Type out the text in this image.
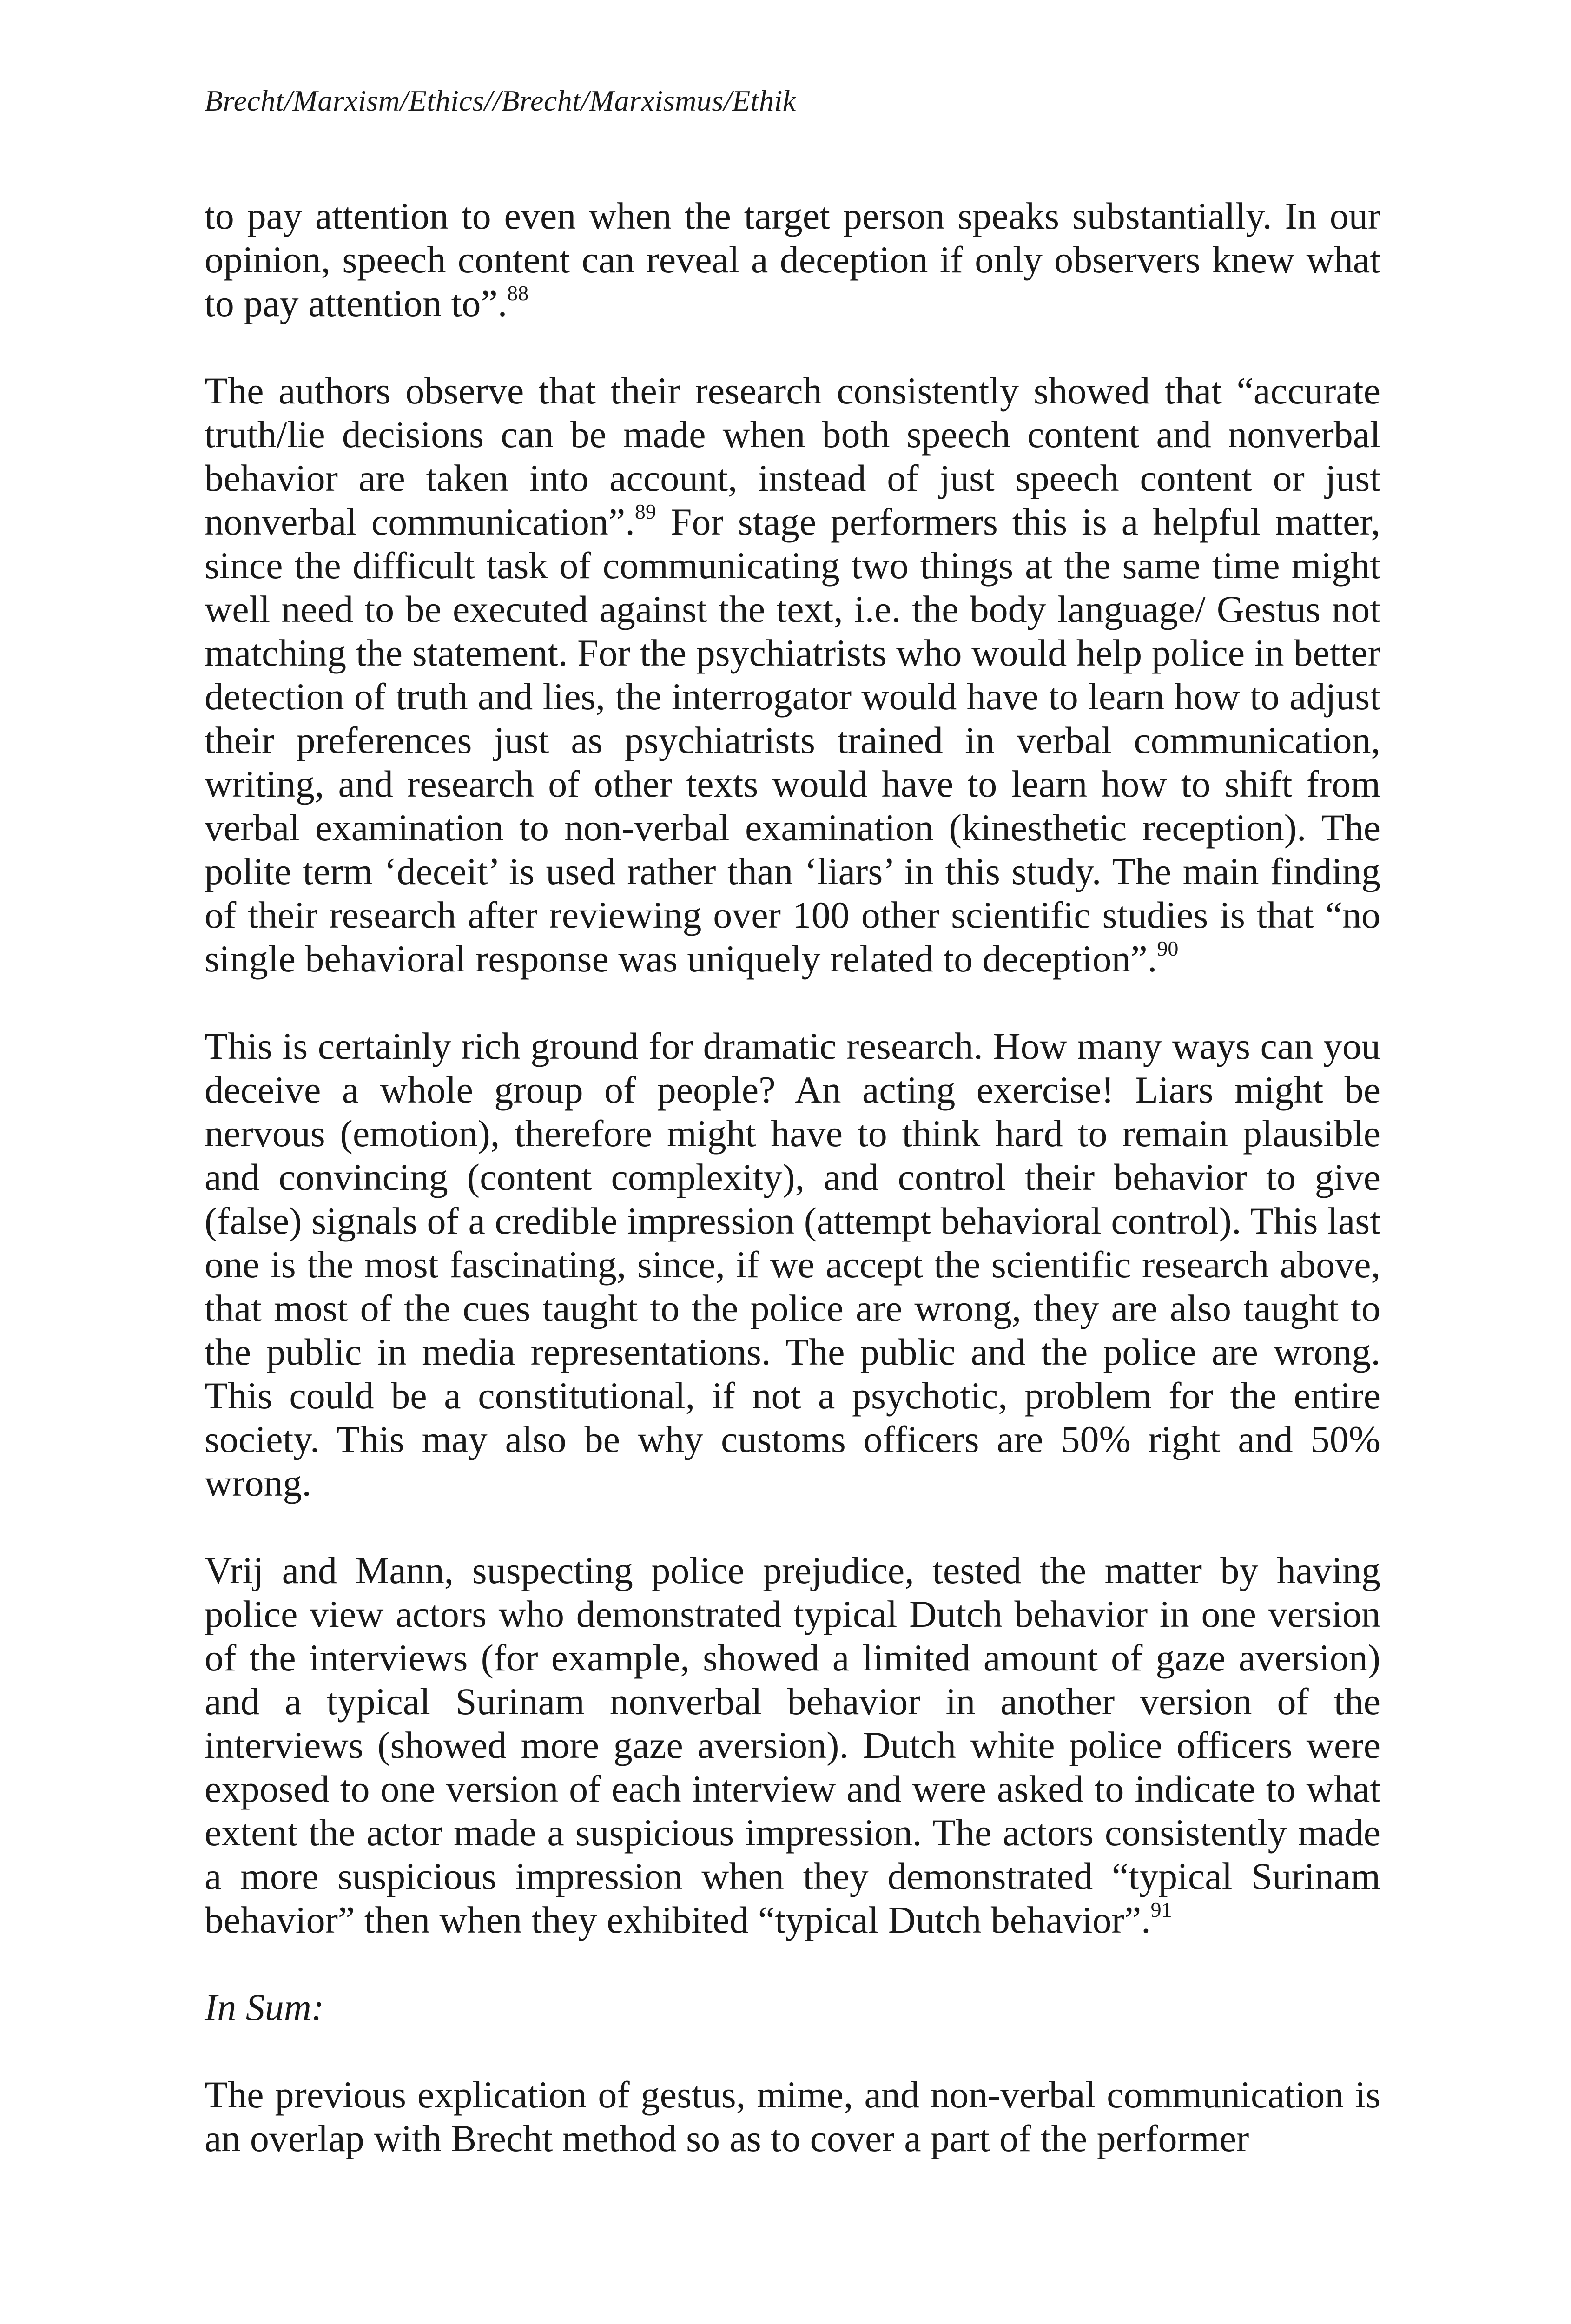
Brecht/Marxism/Ethics//Brecht/Marxismus/Ethik

to pay attention to even when the target person speaks substantially. In our opinion, speech content can reveal a deception if only observers knew what to pay attention to”.$^{88}$

The authors observe that their research consistently showed that “accurate truth/lie decisions can be made when both speech content and nonverbal behavior are taken into account, instead of just speech content or just nonverbal communication”.$^{89}$ For stage performers this is a helpful matter, since the difficult task of communicating two things at the same time might well need to be executed against the text, i.e. the body language/ Gestus not matching the statement. For the psychiatrists who would help police in better detection of truth and lies, the interrogator would have to learn how to adjust their preferences just as psychiatrists trained in verbal communication, writing, and research of other texts would have to learn how to shift from verbal examination to non-verbal examination (kinesthetic reception). The polite term ‘deceit’ is used rather than ‘liars’ in this study. The main finding of their research after reviewing over 100 other scientific studies is that “no single behavioral response was uniquely related to deception”.$^{90}$

This is certainly rich ground for dramatic research. How many ways can you deceive a whole group of people? An acting exercise! Liars might be nervous (emotion), therefore might have to think hard to remain plausible and convincing (content complexity), and control their behavior to give (false) signals of a credible impression (attempt behavioral control). This last one is the most fascinating, since, if we accept the scientific research above, that most of the cues taught to the police are wrong, they are also taught to the public in media representations. The public and the police are wrong. This could be a constitutional, if not a psychotic, problem for the entire society. This may also be why customs officers are 50% right and 50% wrong.

Vrij and Mann, suspecting police prejudice, tested the matter by having police view actors who demonstrated typical Dutch behavior in one version of the interviews (for example, showed a limited amount of gaze aversion) and a typical Surinam nonverbal behavior in another version of the interviews (showed more gaze aversion). Dutch white police officers were exposed to one version of each interview and were asked to indicate to what extent the actor made a suspicious impression. The actors consistently made a more suspicious impression when they demonstrated “typical Surinam behavior” then when they exhibited “typical Dutch behavior”.$^{91}$

In Sum:

The previous explication of gestus, mime, and non-verbal communication is an overlap with Brecht method so as to cover a part of the performer
